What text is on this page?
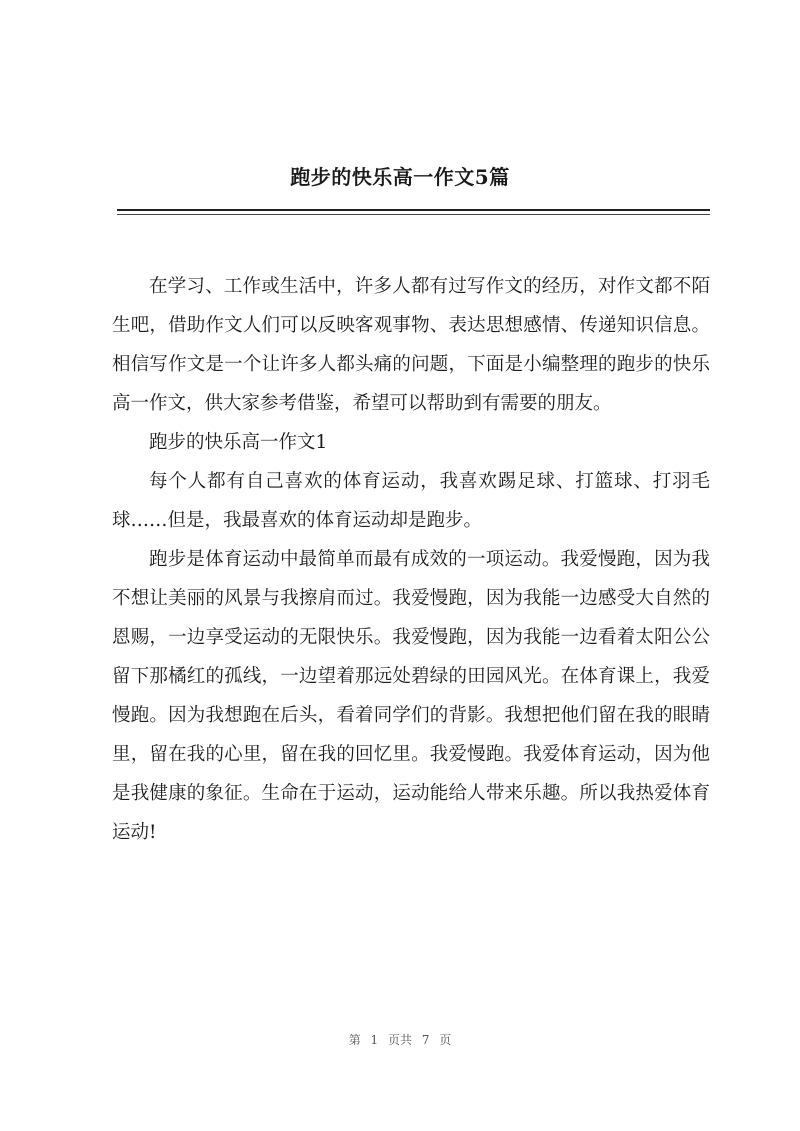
跑步的快乐高一作文5篇

在学习、工作或生活中，许多人都有过写作文的经历，对作文都不陌生吧，借助作文人们可以反映客观事物、表达思想感情、传递知识信息。相信写作文是一个让许多人都头痛的问题，下面是小编整理的跑步的快乐高一作文，供大家参考借鉴，希望可以帮助到有需要的朋友。

跑步的快乐高一作文1

每个人都有自己喜欢的体育运动，我喜欢踢足球、打篮球、打羽毛球……但是，我最喜欢的体育运动却是跑步。

跑步是体育运动中最简单而最有成效的一项运动。我爱慢跑，因为我不想让美丽的风景与我擦肩而过。我爱慢跑，因为我能一边感受大自然的恩赐，一边享受运动的无限快乐。我爱慢跑，因为我能一边看着太阳公公留下那橘红的孤线，一边望着那远处碧绿的田园风光。在体育课上，我爱慢跑。因为我想跑在后头，看着同学们的背影。我想把他们留在我的眼睛里，留在我的心里，留在我的回忆里。我爱慢跑。我爱体育运动，因为他是我健康的象征。生命在于运动，运动能给人带来乐趣。所以我热爱体育运动!

第 1 页共 7 页
